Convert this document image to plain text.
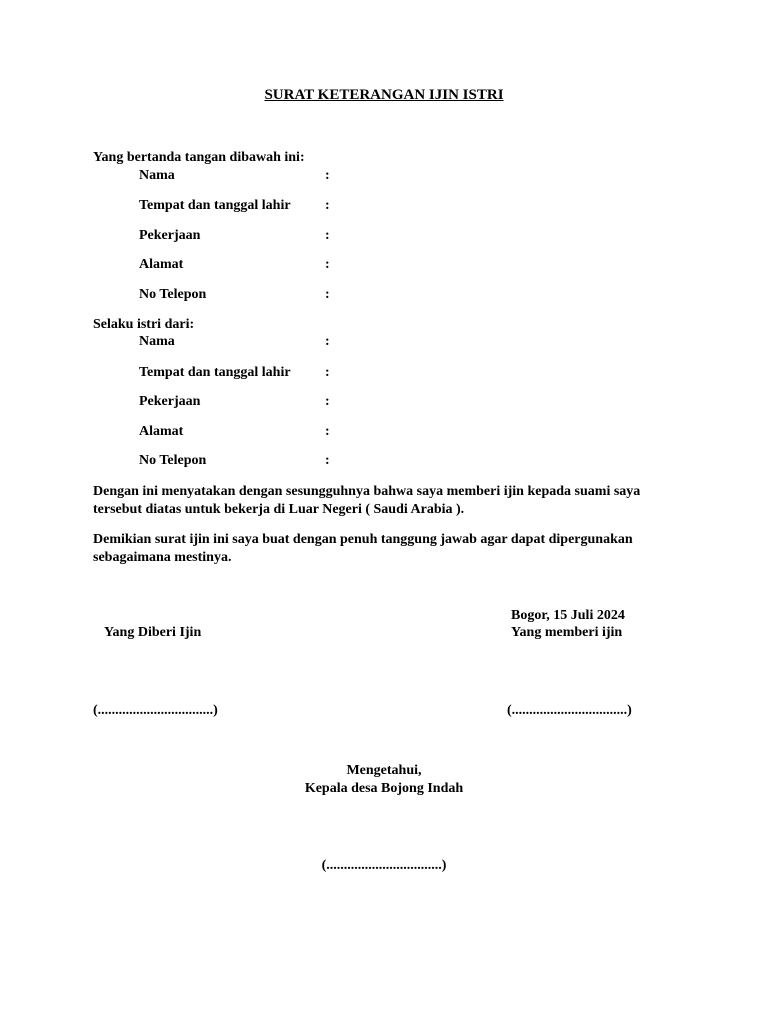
SURAT KETERANGAN IJIN ISTRI
Yang bertanda tangan dibawah ini:
Nama	:
Tempat dan tanggal lahir :
Pekerjaan	:
Alamat	:
No Telepon	:
Selaku istri dari:
Nama	:
Tempat dan tanggal lahir :
Pekerjaan	:
Alamat	:
No Telepon	:
Dengan ini menyatakan dengan sesungguhnya bahwa saya memberi ijin kepada suami saya tersebut diatas untuk bekerja di Luar Negeri ( Saudi Arabia ).
Demikian surat ijin ini saya buat dengan penuh tanggung jawab agar dapat dipergunakan sebagaimana mestinya.
Bogor, 15 Juli 2024
Yang Diberi Ijin	Yang memberi ijin
(.................................)	(.................................)
Mengetahui,
Kepala desa Bojong Indah
(.................................)
